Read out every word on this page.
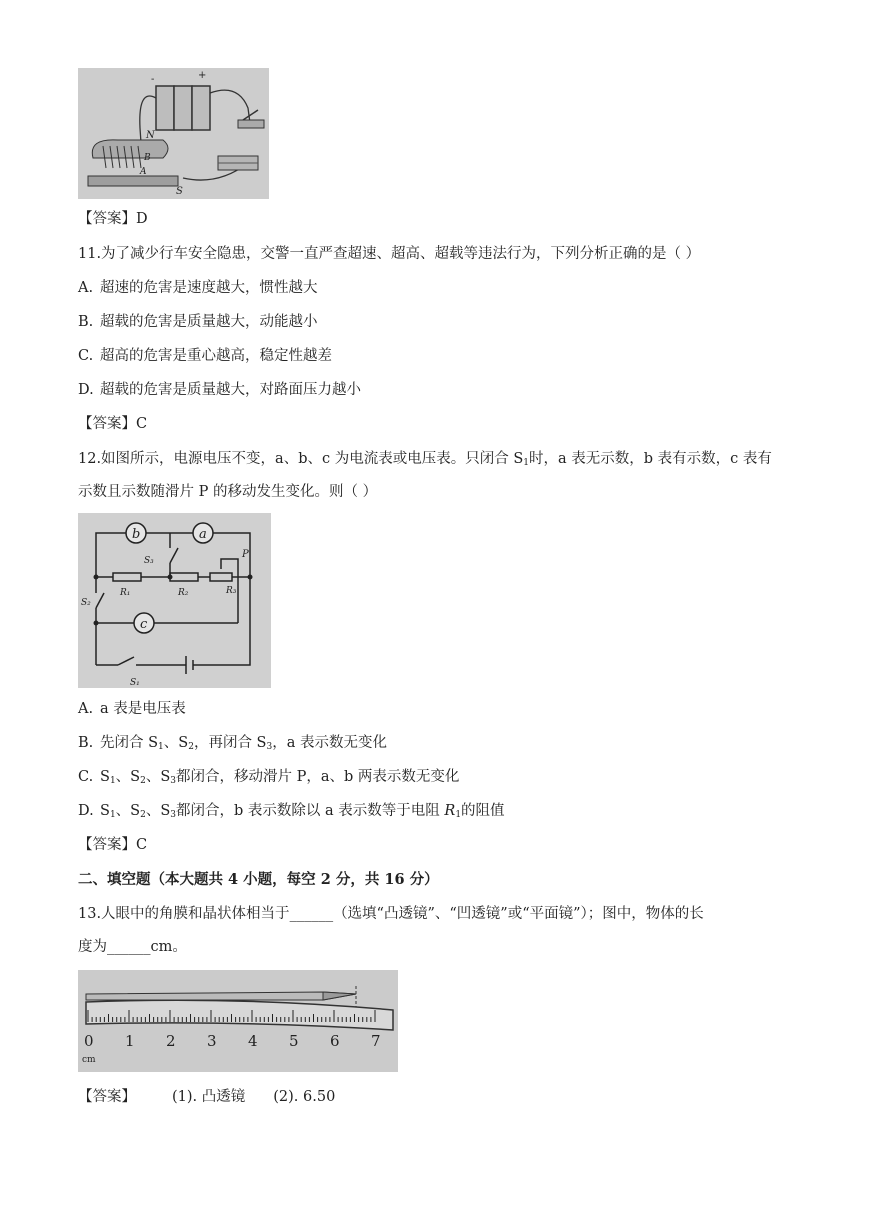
-	+
N
B
A
S
【答案】D
11.为了减少行车安全隐患，交警一直严查超速、超高、超载等违法行为，下列分析正确的是（ ）
A. 超速的危害是速度越大，惯性越大
B. 超载的危害是质量越大，动能越小
C. 超高的危害是重心越高，稳定性越差
D. 超载的危害是质量越大，对路面压力越小
【答案】C
12.如图所示，电源电压不变，a、b、c 为电流表或电压表。只闭合 $S_1$时，a 表无示数，b 表有示数，c 表有
示数且示数随滑片 P 的移动发生变化。则（ ）
b	a
c
S₃
S₂
S₁
R₁	R₂	R₃
P
A. a 表是电压表
B. 先闭合 $S_1$、$S_2$，再闭合 $S_3$，a 表示数无变化
C. $S_1$、$S_2$、$S_3$都闭合，移动滑片 P，a、b 两表示数无变化
D. $S_1$、$S_2$、$S_3$都闭合，b 表示数除以 a 表示数等于电阻 $R_1$的阻值
【答案】C
二、填空题（本大题共 4 小题，每空 2 分，共 16 分）
13.人眼中的角膜和晶状体相当于______（选填“凸透镜”、“凹透镜”或“平面镜”）；图中，物体的长
度为______cm。
0 1 2 3 4 5 6 7
cm
【答案】 (1). 凸透镜 (2). 6.50
